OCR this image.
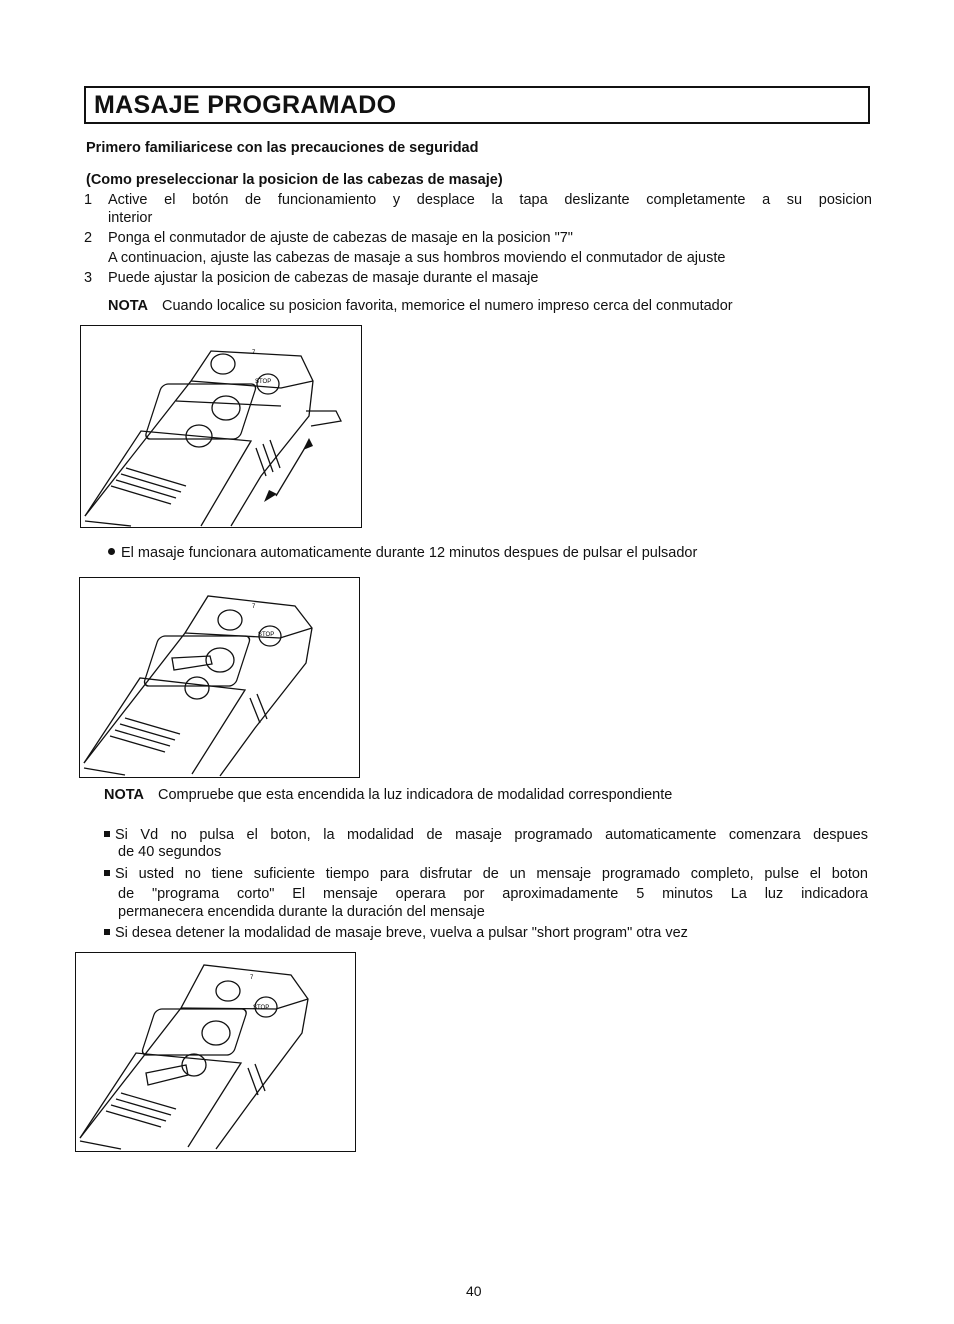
MASAJE PROGRAMADO
Primero familiaricese con las precauciones de seguridad
(Como preseleccionar la posicion de las cabezas de masaje)
1 Active el botón de funcionamiento y desplace la tapa deslizante completamente a su posicion
interior
2 Ponga el conmutador de ajuste de cabezas de masaje en la posicion "7"
A continuacion, ajuste las cabezas de masaje a sus hombros moviendo el conmutador de ajuste
3 Puede ajustar la posicion de cabezas de masaje durante el masaje
NOTA Cuando localice su posicion favorita, memorice el numero impreso cerca del conmutador
STOP
7
El masaje funcionara automaticamente durante 12 minutos despues de pulsar el pulsador
STOP
7
NOTA Compruebe que esta encendida la luz indicadora de modalidad correspondiente
Si Vd no pulsa el boton, la modalidad de masaje programado automaticamente comenzara despues
de 40 segundos
Si usted no tiene suficiente tiempo para disfrutar de un mensaje programado completo, pulse el boton
de "programa corto" El mensaje operara por aproximadamente 5 minutos La luz indicadora
permanecera encendida durante la duración del mensaje
Si desea detener la modalidad de masaje breve, vuelva a pulsar "short program" otra vez
STOP
7
40
